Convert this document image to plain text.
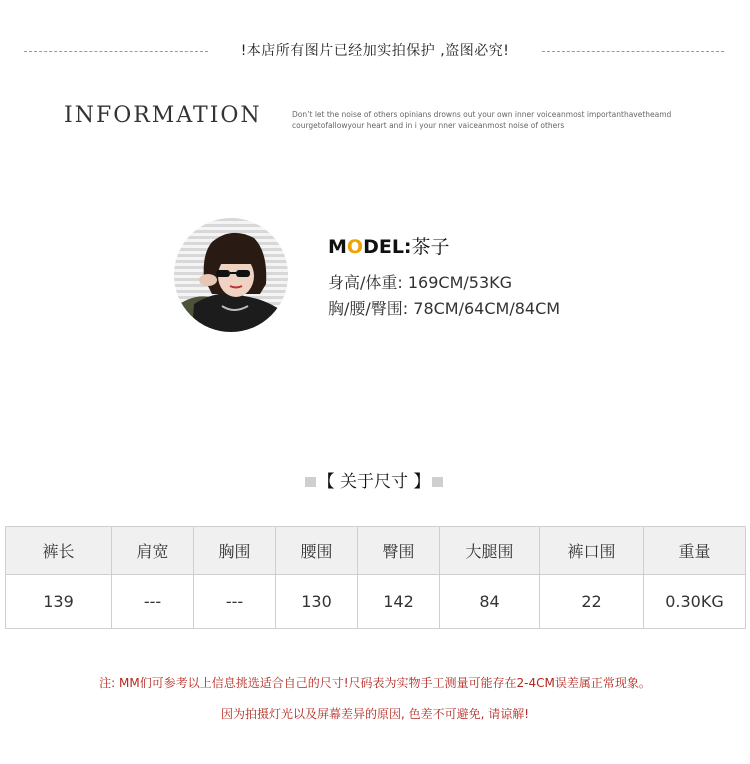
!本店所有图片已经加实拍保护 ,盗图必究!
INFORMATION	Don’t let the noise of others opinians drowns out your own inner voiceanmost importanthavetheamd
courgetofallowyour heart and in i your nner vaiceanmost noise of others
MODEL:茶子
身高/体重: 169CM/53KG
胸/腰/臀围: 78CM/64CM/84CM
【 关于尺寸 】
裤长	肩宽	胸围	腰围	臀围	大腿围	裤口围	重量
139	---	---	130	142	84	22	0.30KG
注: MM们可参考以上信息挑选适合自己的尺寸!尺码表为实物手工测量可能存在2-4CM误差属正常现象。
因为拍摄灯光以及屏幕差异的原因, 色差不可避免, 请谅解!
